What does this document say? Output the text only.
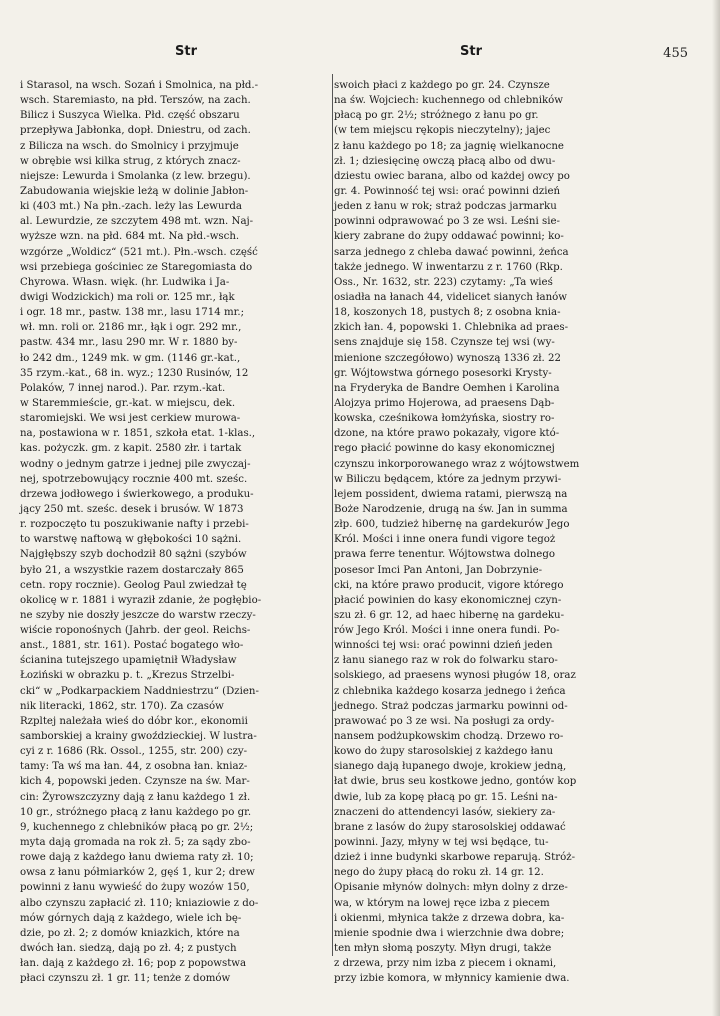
Str	Str	455
i Starasol, na wsch. Sozań i Smolnica, na płd.-
wsch. Staremiasto, na płd. Terszów, na zach.
Bilicz i Suszyca Wielka. Płd. część obszaru
przepływa Jabłonka, dopł. Dniestru, od zach.
z Bilicza na wsch. do Smolnicy i przyjmuje
w obrębie wsi kilka strug, z których znacz-
niejsze: Lewurda i Smolanka (z lew. brzegu).
Zabudowania wiejskie leżą w dolinie Jabłon-
ki (403 mt.) Na płn.-zach. leży las Lewurda
al. Lewurdzie, ze szczytem 498 mt. wzn. Naj-
wyższe wzn. na płd. 684 mt. Na płd.-wsch.
wzgórze „Woldicz“ (521 mt.). Płn.-wsch. część
wsi przebiega gościniec ze Staregomiasta do
Chyrowa. Własn. więk. (hr. Ludwika i Ja-
dwigi Wodzickich) ma roli or. 125 mr., łąk
i ogr. 18 mr., pastw. 138 mr., lasu 1714 mr.;
wł. mn. roli or. 2186 mr., łąk i ogr. 292 mr.,
pastw. 434 mr., lasu 290 mr. W r. 1880 by-
ło 242 dm., 1249 mk. w gm. (1146 gr.-kat.,
35 rzym.-kat., 68 in. wyz.; 1230 Rusinów, 12
Polaków, 7 innej narod.). Par. rzym.-kat.
w Staremmieście, gr.-kat. w miejscu, dek.
staromiejski. We wsi jest cerkiew murowa-
na, postawiona w r. 1851, szkoła etat. 1-klas.,
kas. pożyczk. gm. z kapit. 2580 złr. i tartak
wodny o jednym gatrze i jednej pile zwyczaj-
nej, spotrzebowujący rocznie 400 mt. sześc.
drzewa jodłowego i świerkowego, a produku-
jący 250 mt. sześc. desek i brusów. W 1873
r. rozpoczęto tu poszukiwanie nafty i przebi-
to warstwę naftową w głębokości 10 sążni.
Najgłębszy szyb dochodził 80 sążni (szybów
było 21, a wszystkie razem dostarczały 865
cetn. ropy rocznie). Geolog Paul zwiedzał tę
okolicę w r. 1881 i wyraził zdanie, że pogłębio-
ne szyby nie doszły jeszcze do warstw rzeczy-
wiście roponośnych (Jahrb. der geol. Reichs-
anst., 1881, str. 161). Postać bogatego wło-
ścianina tutejszego upamiętnił Władysław
Łoziński w obrazku p. t. „Krezus Strzelbi-
cki“ w „Podkarpackiem Naddniestrzu“ (Dzien-
nik literacki, 1862, str. 170). Za czasów
Rzpltej należała wieś do dóbr kor., ekonomii
samborskiej a krainy gwoździeckiej. W lustra-
cyi z r. 1686 (Rk. Ossol., 1255, str. 200) czy-
tamy: Ta wś ma łan. 44, z osobna łan. kniaz-
kich 4, popowski jeden. Czynsze na św. Mar-
cin: Żyrowszczyzny dają z łanu każdego 1 zł.
10 gr., stróżnego płacą z łanu każdego po gr.
9, kuchennego z chlebników płacą po gr. 2½;
myta dają gromada na rok zł. 5; za sądy zbo-
rowe dają z każdego łanu dwiema raty zł. 10;
owsa z łanu półmiarków 2, gęś 1, kur 2; drew
powinni z łanu wywieść do żupy wozów 150,
albo czynszu zapłacić zł. 110; kniaziowie z do-
mów górnych dają z każdego, wiele ich bę-
dzie, po zł. 2; z domów kniazkich, które na
dwóch łan. siedzą, dają po zł. 4; z pustych
łan. dają z każdego zł. 16; pop z popowstwa
płaci czynszu zł. 1 gr. 11; tenże z domów
swoich płaci z każdego po gr. 24. Czynsze
na św. Wojciech: kuchennego od chlebników
płacą po gr. 2½; stróżnego z łanu po gr.
(w tem miejscu rękopis nieczytelny); jajec
z łanu każdego po 18; za jagnię wielkanocne
zł. 1; dziesięcinę owczą płacą albo od dwu-
dziestu owiec barana, albo od każdej owcy po
gr. 4. Powinność tej wsi: orać powinni dzień
jeden z łanu w rok; straż podczas jarmarku
powinni odprawować po 3 ze wsi. Leśni sie-
kiery zabrane do żupy oddawać powinni; ko-
sarza jednego z chleba dawać powinni, żeńca
także jednego. W inwentarzu z r. 1760 (Rkp.
Oss., Nr. 1632, str. 223) czytamy: „Ta wieś
osiadła na łanach 44, videlicet sianych łanów
18, koszonych 18, pustych 8; z osobna knia-
zkich łan. 4, popowski 1. Chlebnika ad praes-
sens znajduje się 158. Czynsze tej wsi (wy-
mienione szczegółowo) wynoszą 1336 zł. 22
gr. Wójtowstwa górnego posesorki Krysty-
na Fryderyka de Bandre Oemhen i Karolina
Alojzya primo Hojerowa, ad praesens Dąb-
kowska, cześnikowa łomżyńska, siostry ro-
dzone, na które prawo pokazały, vigore któ-
rego płacić powinne do kasy ekonomicznej
czynszu inkorporowanego wraz z wójtowstwem
w Biliczu będącem, które za jednym przywi-
lejem possident, dwiema ratami, pierwszą na
Boże Narodzenie, drugą na św. Jan in summa
złp. 600, tudzież hibernę na gardekurów Jego
Król. Mości i inne onera fundi vigore tegoż
prawa ferre tenentur. Wójtowstwa dolnego
posesor Imci Pan Antoni, Jan Dobrzynie-
cki, na które prawo producit, vigore którego
płacić powinien do kasy ekonomicznej czyn-
szu zł. 6 gr. 12, ad haec hibernę na gardeku-
rów Jego Król. Mości i inne onera fundi. Po-
winności tej wsi: orać powinni dzień jeden
z łanu sianego raz w rok do folwarku staro-
solskiego, ad praesens wynosi pługów 18, oraz
z chlebnika każdego kosarza jednego i żeńca
jednego. Straż podczas jarmarku powinni od-
prawować po 3 ze wsi. Na posługi za ordy-
nansem podżupkowskim chodzą. Drzewo ro-
kowo do żupy starosolskiej z każdego łanu
sianego dają łupanego dwoje, krokiew jedną,
łat dwie, brus seu kostkowe jedno, gontów kop
dwie, lub za kopę płacą po gr. 15. Leśni na-
znaczeni do attendencyi lasów, siekiery za-
brane z lasów do żupy starosolskiej oddawać
powinni. Jazy, młyny w tej wsi będące, tu-
dzież i inne budynki skarbowe reparują. Stróż-
nego do żupy płacą do roku zł. 14 gr. 12.
Opisanie młynów dolnych: młyn dolny z drze-
wa, w którym na lowej ręce izba z piecem
i okienmi, młynica także z drzewa dobra, ka-
mienie spodnie dwa i wierzchnie dwa dobre;
ten młyn słomą poszyty. Młyn drugi, także
z drzewa, przy nim izba z piecem i oknami,
przy izbie komora, w młynnicy kamienie dwa.
